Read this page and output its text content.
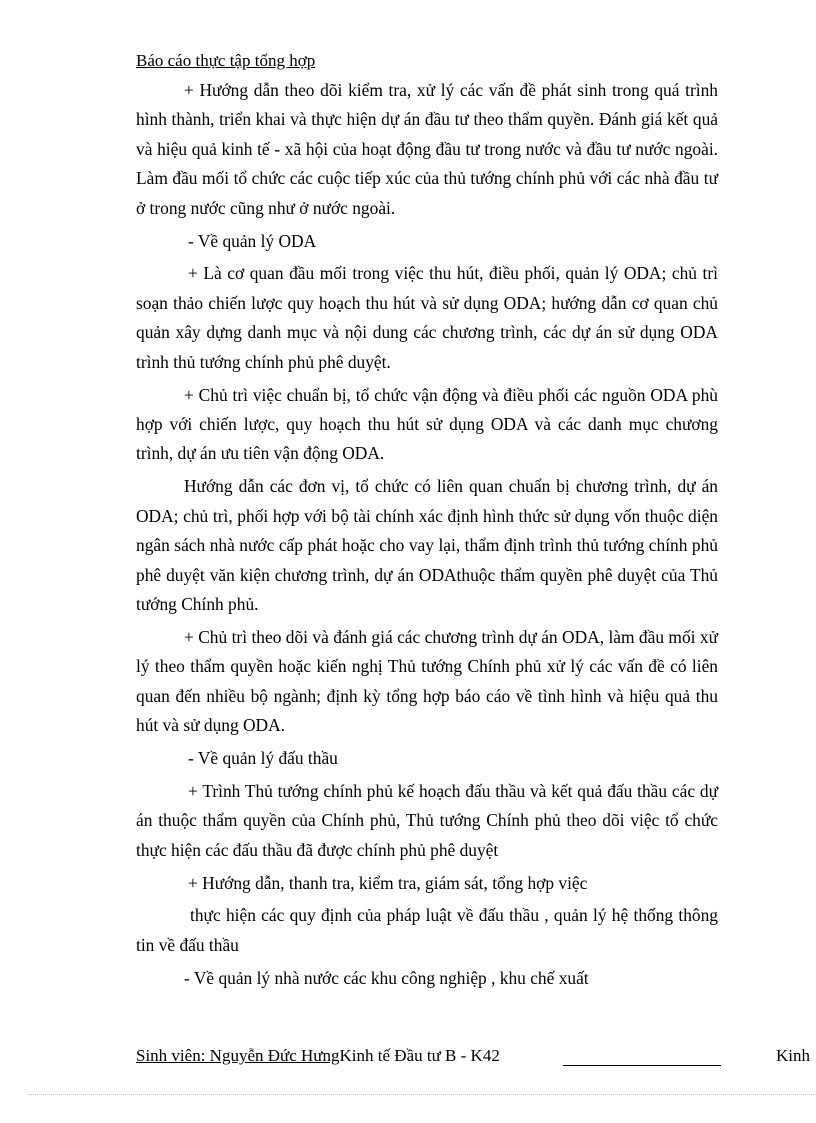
Báo cáo thực tập tổng hợp

+ Hướng dẫn theo dõi kiểm tra, xử lý các vấn đề phát sinh trong quá trình hình thành, triển khai và thực hiện dự án đầu tư theo thẩm quyền. Đánh giá kết quả và hiệu quả kinh tế - xã hội của hoạt động đầu tư trong nước và đầu tư nước ngoài. Làm đầu mối tổ chức các cuộc tiếp xúc của thủ tướng chính phủ với các nhà đầu tư ở trong nước cũng như ở nước ngoài.

- Về quản lý ODA

+ Là cơ quan đầu mối trong việc thu hút, điều phối, quản lý ODA; chủ trì soạn thảo chiến lược quy hoạch thu hút và sử dụng ODA; hướng dẫn cơ quan chủ quản xây dựng danh mục và nội dung các chương trình, các dự án sử dụng ODA trình thủ tướng chính phủ phê duyệt.

+ Chủ trì việc chuẩn bị, tổ chức vận động và điều phối các nguồn ODA phù hợp với chiến lược, quy hoạch thu hút sử dụng ODA và các danh mục chương trình, dự án ưu tiên vận động ODA.

Hướng dẫn các đơn vị, tổ chức có liên quan chuẩn bị chương trình, dự án ODA; chủ trì, phối hợp với bộ tài chính xác định hình thức sử dụng vốn thuộc diện ngân sách nhà nước cấp phát hoặc cho vay lại, thẩm định trình thủ tướng chính phủ phê duyệt văn kiện chương trình, dự án ODAthuộc thẩm quyền phê duyệt của Thủ tướng Chính phủ.

+ Chủ trì theo dõi và đánh giá các chương trình dự án ODA, làm đầu mối xử lý theo thẩm quyền hoặc kiến nghị Thủ tướng Chính phủ xử lý các vấn đề có liên quan đến nhiều bộ ngành; định kỳ tổng hợp báo cáo về tình hình và hiệu quả thu hút và sử dụng ODA.

- Về quản lý đấu thầu

+ Trình Thủ tướng chính phủ kế hoạch đấu thầu và kết quả đấu thầu các dự án thuộc thẩm quyền của Chính phủ, Thủ tướng Chính phủ theo dõi việc tổ chức thực hiện các đấu thầu đã được chính phủ phê duyệt

+ Hướng dẫn, thanh tra, kiểm tra, giám sát, tổng hợp việc

thực hiện các quy định của pháp luật về đấu thầu , quản lý hệ thống thông tin về đấu thầu

- Về quản lý nhà nước các khu công nghiệp , khu chế xuất

Sinh viên: Nguyễn Đức HưngKinh tế Đầu tư B - K42	Kinh
